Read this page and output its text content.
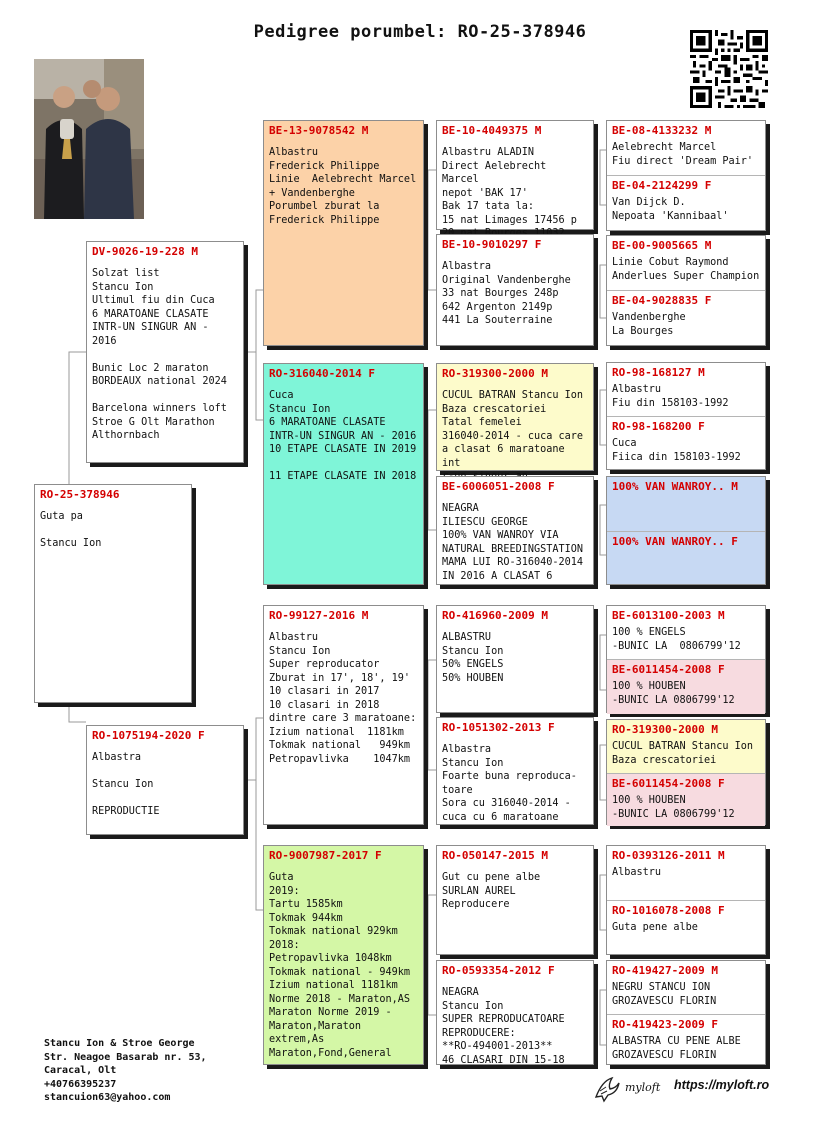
Pedigree porumbel: RO-25-378946
RO-25-378946
Guta pa

Stancu Ion
DV-9026-19-228 M
Solzat list
Stancu Ion
Ultimul fiu din Cuca
6 MARATOANE CLASATE
INTR-UN SINGUR AN - 2016

Bunic Loc 2 maraton
BORDEAUX national 2024

Barcelona winners loft
Stroe G Olt Marathon
Althornbach
RO-1075194-2020 F
Albastra

Stancu Ion

REPRODUCTIE
BE-13-9078542 M
Albastru
Frederick Philippe
Linie  Aelebrecht Marcel
+ Vandenberghe
Porumbel zburat la
Frederick Philippe
RO-316040-2014 F
Cuca
Stancu Ion
6 MARATOANE CLASATE
INTR-UN SINGUR AN - 2016
10 ETAPE CLASATE IN 2019

11 ETAPE CLASATE IN 2018
RO-99127-2016 M
Albastru
Stancu Ion
Super reproducator
Zburat in 17', 18', 19'
10 clasari in 2017
10 clasari in 2018 dintre care 3 maratoane:
Izium national  1181km
Tokmak national   949km
Petropavlivka    1047km
RO-9007987-2017 F
Guta
2019:
Tartu 1585km
Tokmak 944km
Tokmak national 929km
2018:
Petropavlivka 1048km
Tokmak national - 949km
Izium national 1181km
Norme 2018 - Maraton,AS
Maraton Norme 2019 - Maraton,Maraton extrem,As Maraton,Fond,General
BE-10-4049375 M
Albastru ALADIN
Direct Aelebrecht Marcel
nepot 'BAK 17'
Bak 17 tata la:
15 nat Limages 17456 p

BE-10-9010297 F
Albastra
Original Vandenberghe
33 nat Bourges 248p
642 Argenton 2149p
441 La Souterraine
RO-319300-2000 M
CUCUL BATRAN Stancu Ion
Baza crescatoriei
Tatal femelei
316040-2014 - cuca care
a clasat 6 maratoane int

BE-6006051-2008 F
NEAGRA
ILIESCU GEORGE
100% VAN WANROY VIA
NATURAL BREEDINGSTATION
MAMA LUI RO-316040-2014
IN 2016 A CLASAT 6
RO-416960-2009 M
ALBASTRU
Stancu Ion
50% ENGELS
50% HOUBEN
RO-1051302-2013 F
Albastra
Stancu Ion
Foarte buna reproduca-
toare
Sora cu 316040-2014 -
cuca cu 6 maratoane
RO-050147-2015 M
Gut cu pene albe
SURLAN AUREL
Reproducere
RO-0593354-2012 F
NEAGRA
Stancu Ion
SUPER REPRODUCATOARE
REPRODUCERE:
**RO-494001-2013**
46 CLASARI DIN 15-18
BE-08-4133232 M
Aelebrecht Marcel
Fiu direct 'Dream Pair'
BE-04-2124299 F
Van Dijck D.
Nepoata 'Kannibaal'
BE-00-9005665 M
Linie Cobut Raymond
Anderlues Super Champion
BE-04-9028835 F
Vandenberghe
La Bourges
RO-98-168127 M
Albastru
Fiu din 158103-1992
RO-98-168200 F
Cuca
Fiica din 158103-1992
100% VAN WANROY.. M
100% VAN WANROY.. F
BE-6013100-2003 M
100 % ENGELS
-BUNIC LA  0806799'12
BE-6011454-2008 F
100 % HOUBEN
-BUNIC LA 0806799'12
RO-319300-2000 M
CUCUL BATRAN Stancu Ion
Baza crescatoriei
BE-6011454-2008 F
100 % HOUBEN
-BUNIC LA 0806799'12
RO-0393126-2011 M
Albastru
RO-1016078-2008 F
Guta pene albe
RO-419427-2009 M
NEGRU STANCU ION
GROZAVESCU FLORIN
RO-419423-2009 F
ALBASTRA CU PENE ALBE
GROZAVESCU FLORIN
Stancu Ion & Stroe George
Str. Neagoe Basarab nr. 53,
Caracal, Olt
+40766395237
stancuion63@yahoo.com
myloft https://myloft.ro
